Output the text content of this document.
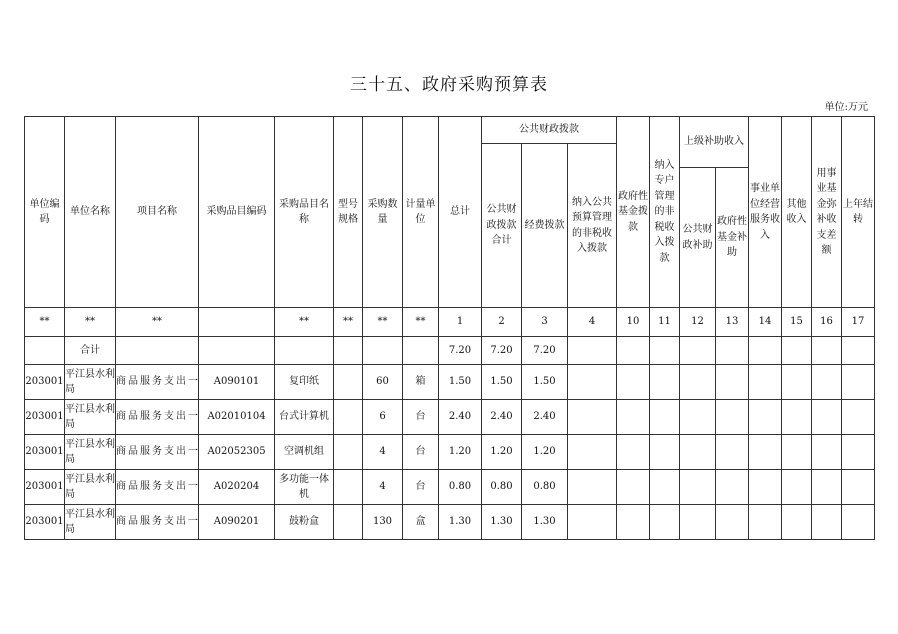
三十五、政府采购预算表
单位:万元
单位编码	单位名称	项目名称	采购品目编码	采购品目名称	型号规格	采购数量	计量单位	总计	公共财政拨款			政府性基金拨款	纳入专户管理的非税收入拨款	上级补助收入		事业单位经营服务收入	其他收入	用事业基金弥补收支差额	上年结转
									公共财政拨款合计	经费拨款	纳入公共预算管理的非税收入拨款								
														公共财政补助	政府性基金补助				
**	**	**		**	**	**	**	1	2	3	4	10	11	12	13	14	15	16	17
	合计							7.20	7.20	7.20									
203001	平江县水利局	商品服务支出一	A090101	复印纸		60	箱	1.50	1.50	1.50									
203001	平江县水利局	商品服务支出一	A02010104	台式计算机		6	台	2.40	2.40	2.40									
203001	平江县水利局	商品服务支出一	A02052305	空调机组		4	台	1.20	1.20	1.20									
203001	平江县水利局	商品服务支出一	A020204	多功能一体机		4	台	0.80	0.80	0.80									
203001	平江县水利局	商品服务支出一	A090201	鼓粉盒		130	盒	1.30	1.30	1.30									
